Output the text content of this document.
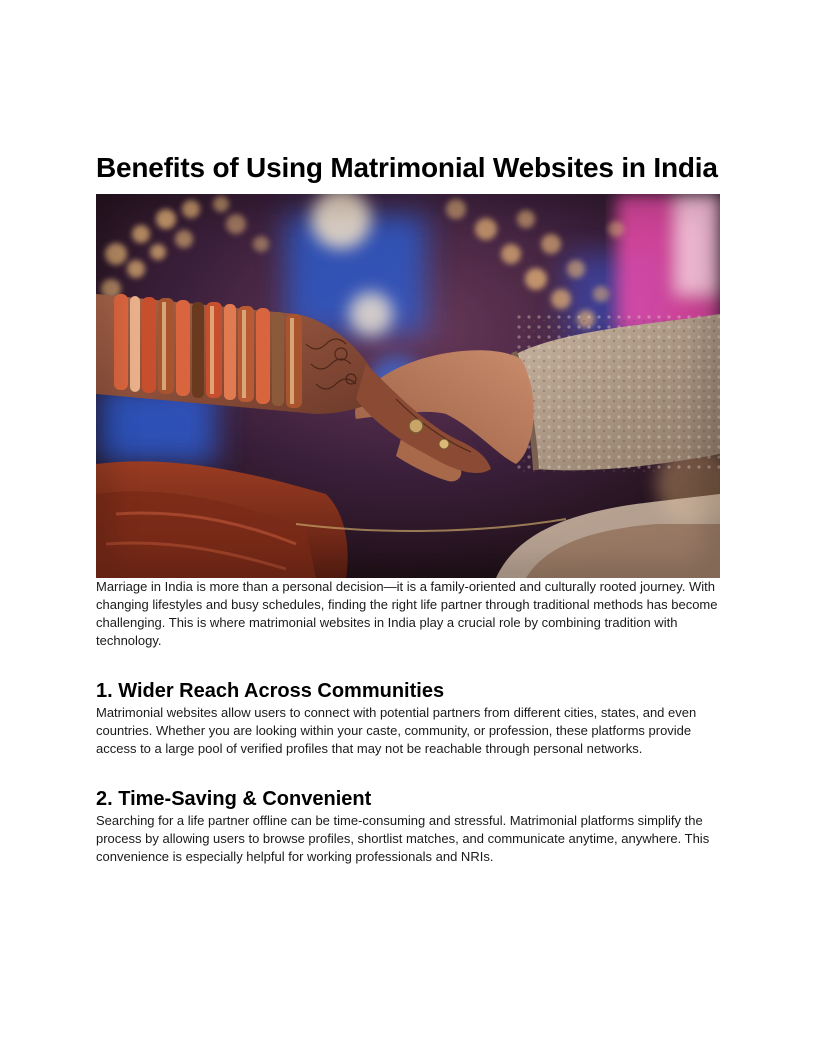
Benefits of Using Matrimonial Websites in India

Marriage in India is more than a personal decision—it is a family-oriented and culturally rooted journey. With changing lifestyles and busy schedules, finding the right life partner through traditional methods has become challenging. This is where matrimonial websites in India play a crucial role by combining tradition with technology.

1. Wider Reach Across Communities

Matrimonial websites allow users to connect with potential partners from different cities, states, and even countries. Whether you are looking within your caste, community, or profession, these platforms provide access to a large pool of verified profiles that may not be reachable through personal networks.

2. Time-Saving & Convenient

Searching for a life partner offline can be time-consuming and stressful. Matrimonial platforms simplify the process by allowing users to browse profiles, shortlist matches, and communicate anytime, anywhere. This convenience is especially helpful for working professionals and NRIs.
